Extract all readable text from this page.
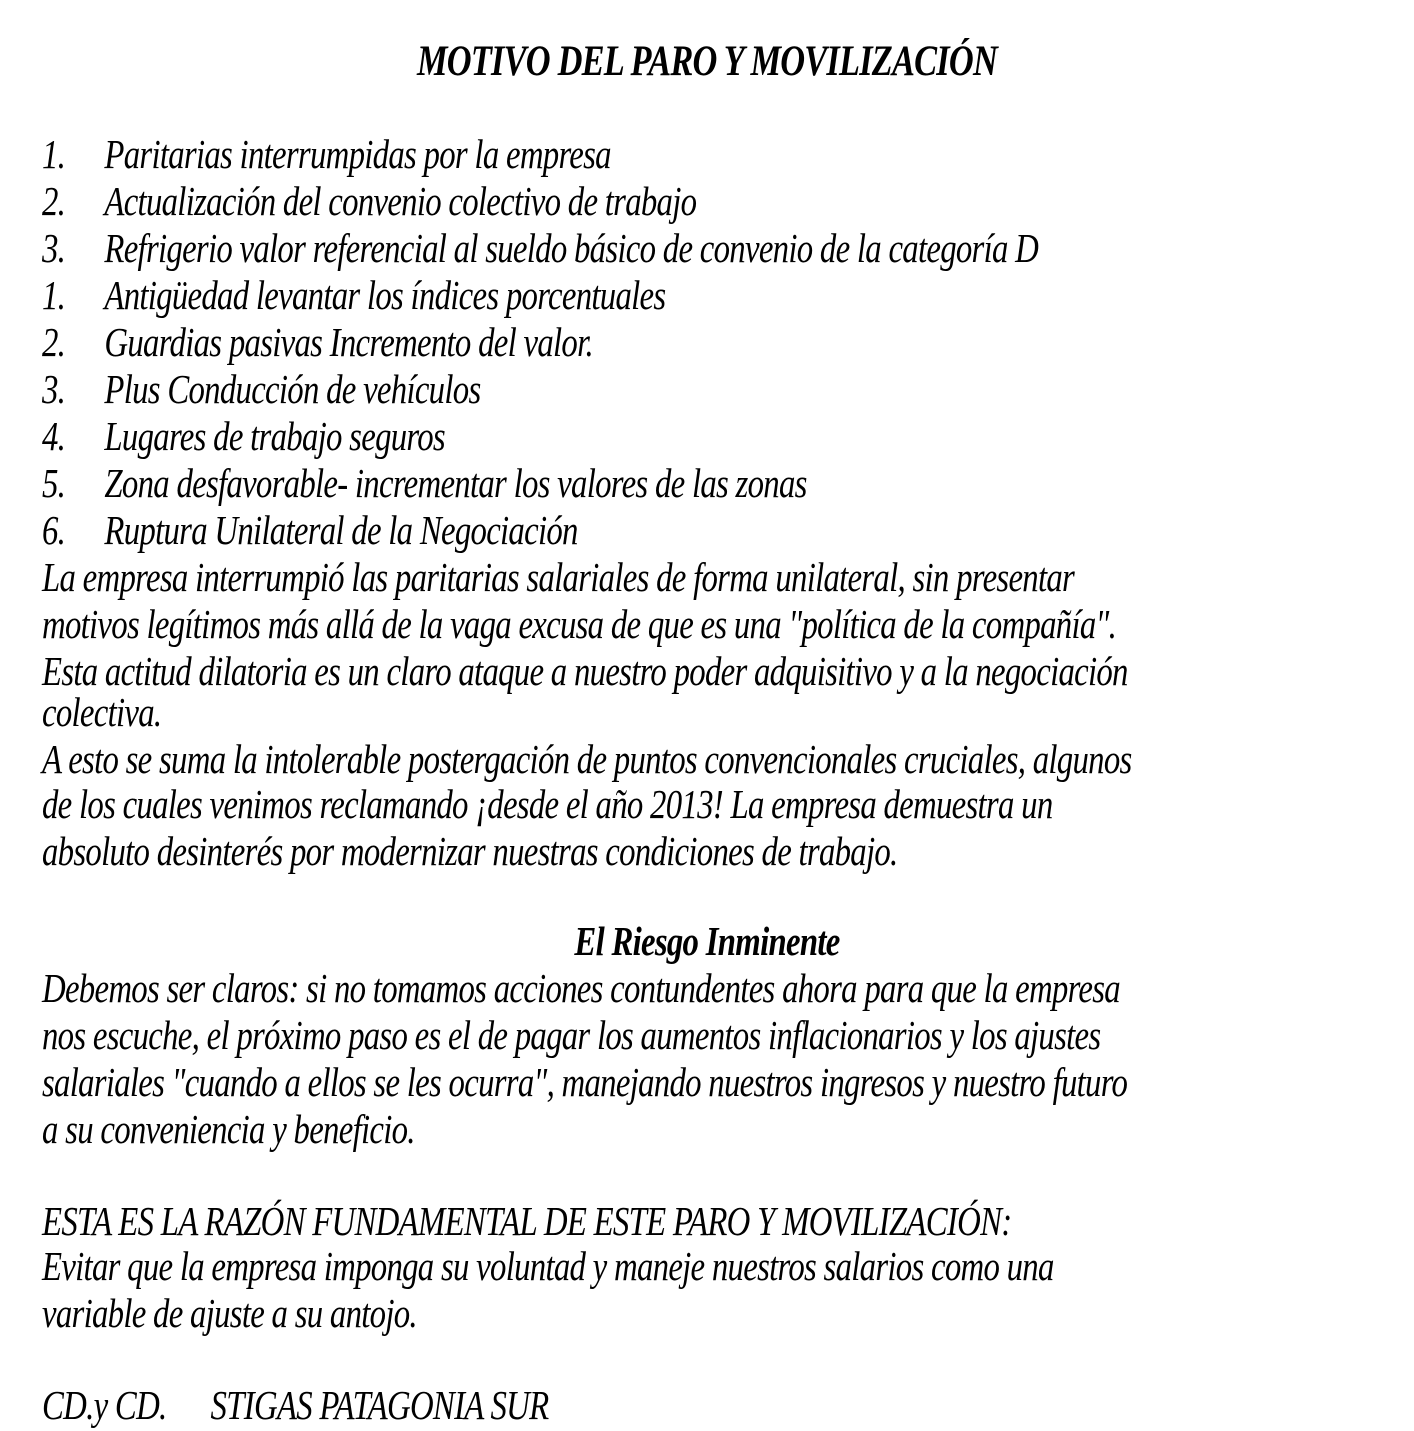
MOTIVO DEL PARO Y MOVILIZACIÓN

1. Paritarias interrumpidas por la empresa

2. Actualización del convenio colectivo de trabajo

3. Refrigerio valor referencial al sueldo básico de convenio de la categoría D

1. Antigüedad levantar los índices porcentuales

2. Guardias pasivas Incremento del valor.

3. Plus Conducción de vehículos

4. Lugares de trabajo seguros

5. Zona desfavorable- incrementar los valores de las zonas

6. Ruptura Unilateral de la Negociación

La empresa interrumpió las paritarias salariales de forma unilateral, sin presentar

motivos legítimos más allá de la vaga excusa de que es una "política de la compañía".

Esta actitud dilatoria es un claro ataque a nuestro poder adquisitivo y a la negociación

colectiva.

A esto se suma la intolerable postergación de puntos convencionales cruciales, algunos

de los cuales venimos reclamando ¡desde el año 2013! La empresa demuestra un

absoluto desinterés por modernizar nuestras condiciones de trabajo.

El Riesgo Inminente

Debemos ser claros: si no tomamos acciones contundentes ahora para que la empresa

nos escuche, el próximo paso es el de pagar los aumentos inflacionarios y los ajustes

salariales "cuando a ellos se les ocurra", manejando nuestros ingresos y nuestro futuro

a su conveniencia y beneficio.

ESTA ES LA RAZÓN FUNDAMENTAL DE ESTE PARO Y MOVILIZACIÓN:

Evitar que la empresa imponga su voluntad y maneje nuestros salarios como una

variable de ajuste a su antojo.

CD.y CD. STIGAS PATAGONIA SUR
